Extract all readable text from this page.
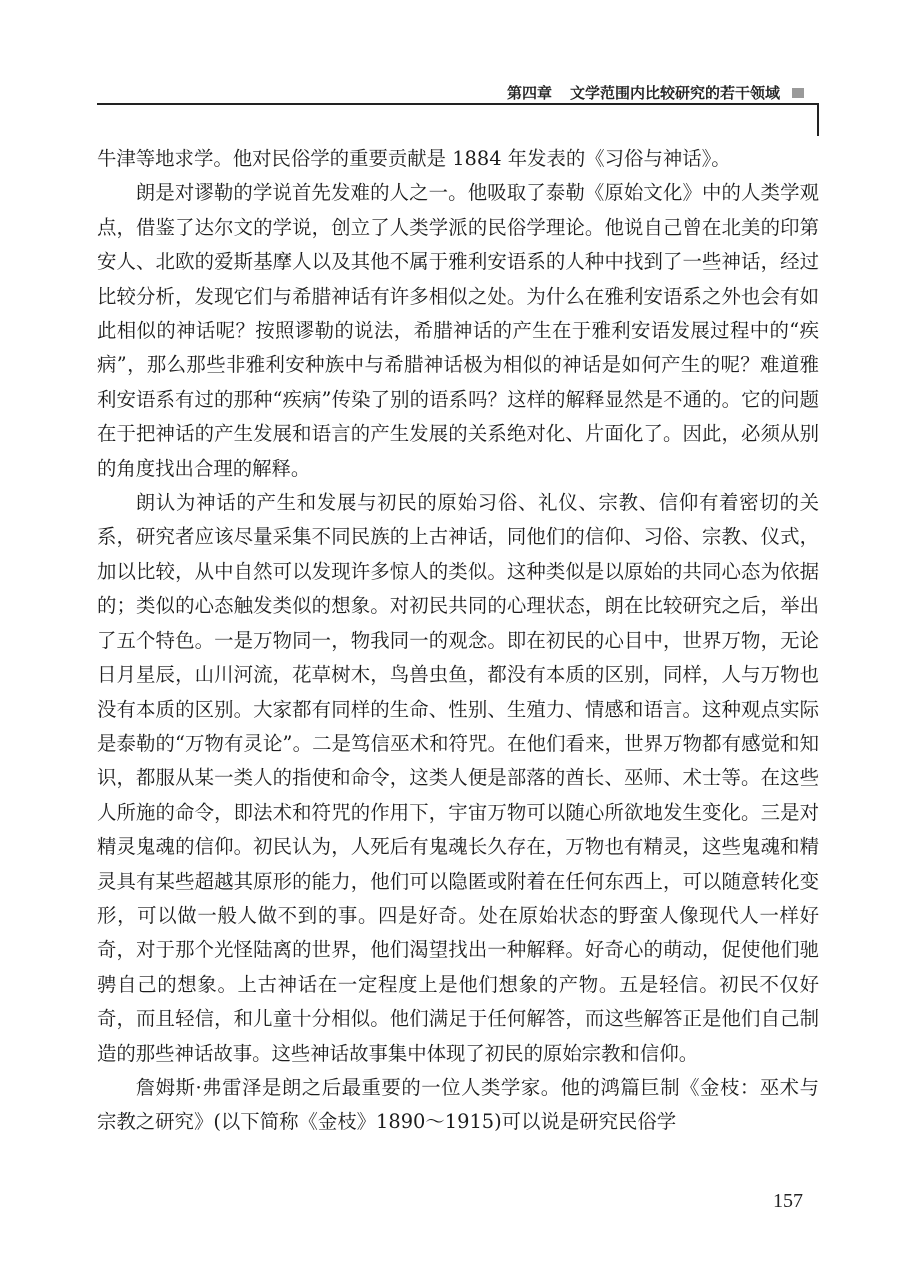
第四章 文学范围内比较研究的若干领域

牛津等地求学。他对民俗学的重要贡献是 1884 年发表的《习俗与神话》。

朗是对谬勒的学说首先发难的人之一。他吸取了泰勒《原始文化》中的人类学观点，借鉴了达尔文的学说，创立了人类学派的民俗学理论。他说自己曾在北美的印第安人、北欧的爱斯基摩人以及其他不属于雅利安语系的人种中找到了一些神话，经过比较分析，发现它们与希腊神话有许多相似之处。为什么在雅利安语系之外也会有如此相似的神话呢？按照谬勒的说法，希腊神话的产生在于雅利安语发展过程中的“疾病”，那么那些非雅利安种族中与希腊神话极为相似的神话是如何产生的呢？难道雅利安语系有过的那种“疾病”传染了别的语系吗？这样的解释显然是不通的。它的问题在于把神话的产生发展和语言的产生发展的关系绝对化、片面化了。因此，必须从别的角度找出合理的解释。

朗认为神话的产生和发展与初民的原始习俗、礼仪、宗教、信仰有着密切的关系，研究者应该尽量采集不同民族的上古神话，同他们的信仰、习俗、宗教、仪式，加以比较，从中自然可以发现许多惊人的类似。这种类似是以原始的共同心态为依据的；类似的心态触发类似的想象。对初民共同的心理状态，朗在比较研究之后，举出了五个特色。一是万物同一，物我同一的观念。即在初民的心目中，世界万物，无论日月星辰，山川河流，花草树木，鸟兽虫鱼，都没有本质的区别，同样，人与万物也没有本质的区别。大家都有同样的生命、性别、生殖力、情感和语言。这种观点实际是泰勒的“万物有灵论”。二是笃信巫术和符咒。在他们看来，世界万物都有感觉和知识，都服从某一类人的指使和命令，这类人便是部落的酋长、巫师、术士等。在这些人所施的命令，即法术和符咒的作用下，宇宙万物可以随心所欲地发生变化。三是对精灵鬼魂的信仰。初民认为，人死后有鬼魂长久存在，万物也有精灵，这些鬼魂和精灵具有某些超越其原形的能力，他们可以隐匿或附着在任何东西上，可以随意转化变形，可以做一般人做不到的事。四是好奇。处在原始状态的野蛮人像现代人一样好奇，对于那个光怪陆离的世界，他们渴望找出一种解释。好奇心的萌动，促使他们驰骋自己的想象。上古神话在一定程度上是他们想象的产物。五是轻信。初民不仅好奇，而且轻信，和儿童十分相似。他们满足于任何解答，而这些解答正是他们自己制造的那些神话故事。这些神话故事集中体现了初民的原始宗教和信仰。

詹姆斯·弗雷泽是朗之后最重要的一位人类学家。他的鸿篇巨制《金枝：巫术与宗教之研究》(以下简称《金枝》1890～1915)可以说是研究民俗学

157
